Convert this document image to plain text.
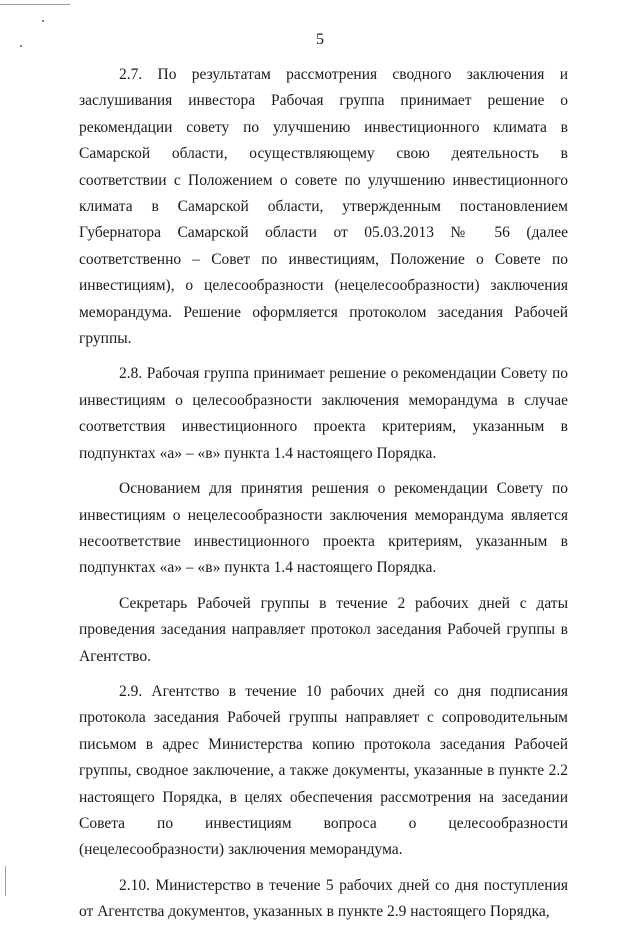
5

2.7. По результатам рассмотрения сводного заключения и заслушивания инвестора Рабочая группа принимает решение о рекомендации совету по улучшению инвестиционного климата в Самарской области, осуществляющему свою деятельность в соответствии с Положением о совете по улучшению инвестиционного климата в Самарской области, утвержденным постановлением Губернатора Самарской области от 05.03.2013 № 56 (далее соответственно – Совет по инвестициям, Положение о Совете по инвестициям), о целесообразности (нецелесообразности) заключения меморандума. Решение оформляется протоколом заседания Рабочей группы.

2.8. Рабочая группа принимает решение о рекомендации Совету по инвестициям о целесообразности заключения меморандума в случае соответствия инвестиционного проекта критериям, указанным в подпунктах «а» – «в» пункта 1.4 настоящего Порядка.

Основанием для принятия решения о рекомендации Совету по инвестициям о нецелесообразности заключения меморандума является несоответствие инвестиционного проекта критериям, указанным в подпунктах «а» – «в» пункта 1.4 настоящего Порядка.

Секретарь Рабочей группы в течение 2 рабочих дней с даты проведения заседания направляет протокол заседания Рабочей группы в Агентство.

2.9. Агентство в течение 10 рабочих дней со дня подписания протокола заседания Рабочей группы направляет с сопроводительным письмом в адрес Министерства копию протокола заседания Рабочей группы, сводное заключение, а также документы, указанные в пункте 2.2 настоящего Порядка, в целях обеспечения рассмотрения на заседании Совета по инвестициям вопроса о целесообразности (нецелесообразности) заключения меморандума.

2.10. Министерство в течение 5 рабочих дней со дня поступления от Агентства документов, указанных в пункте 2.9 настоящего Порядка,
